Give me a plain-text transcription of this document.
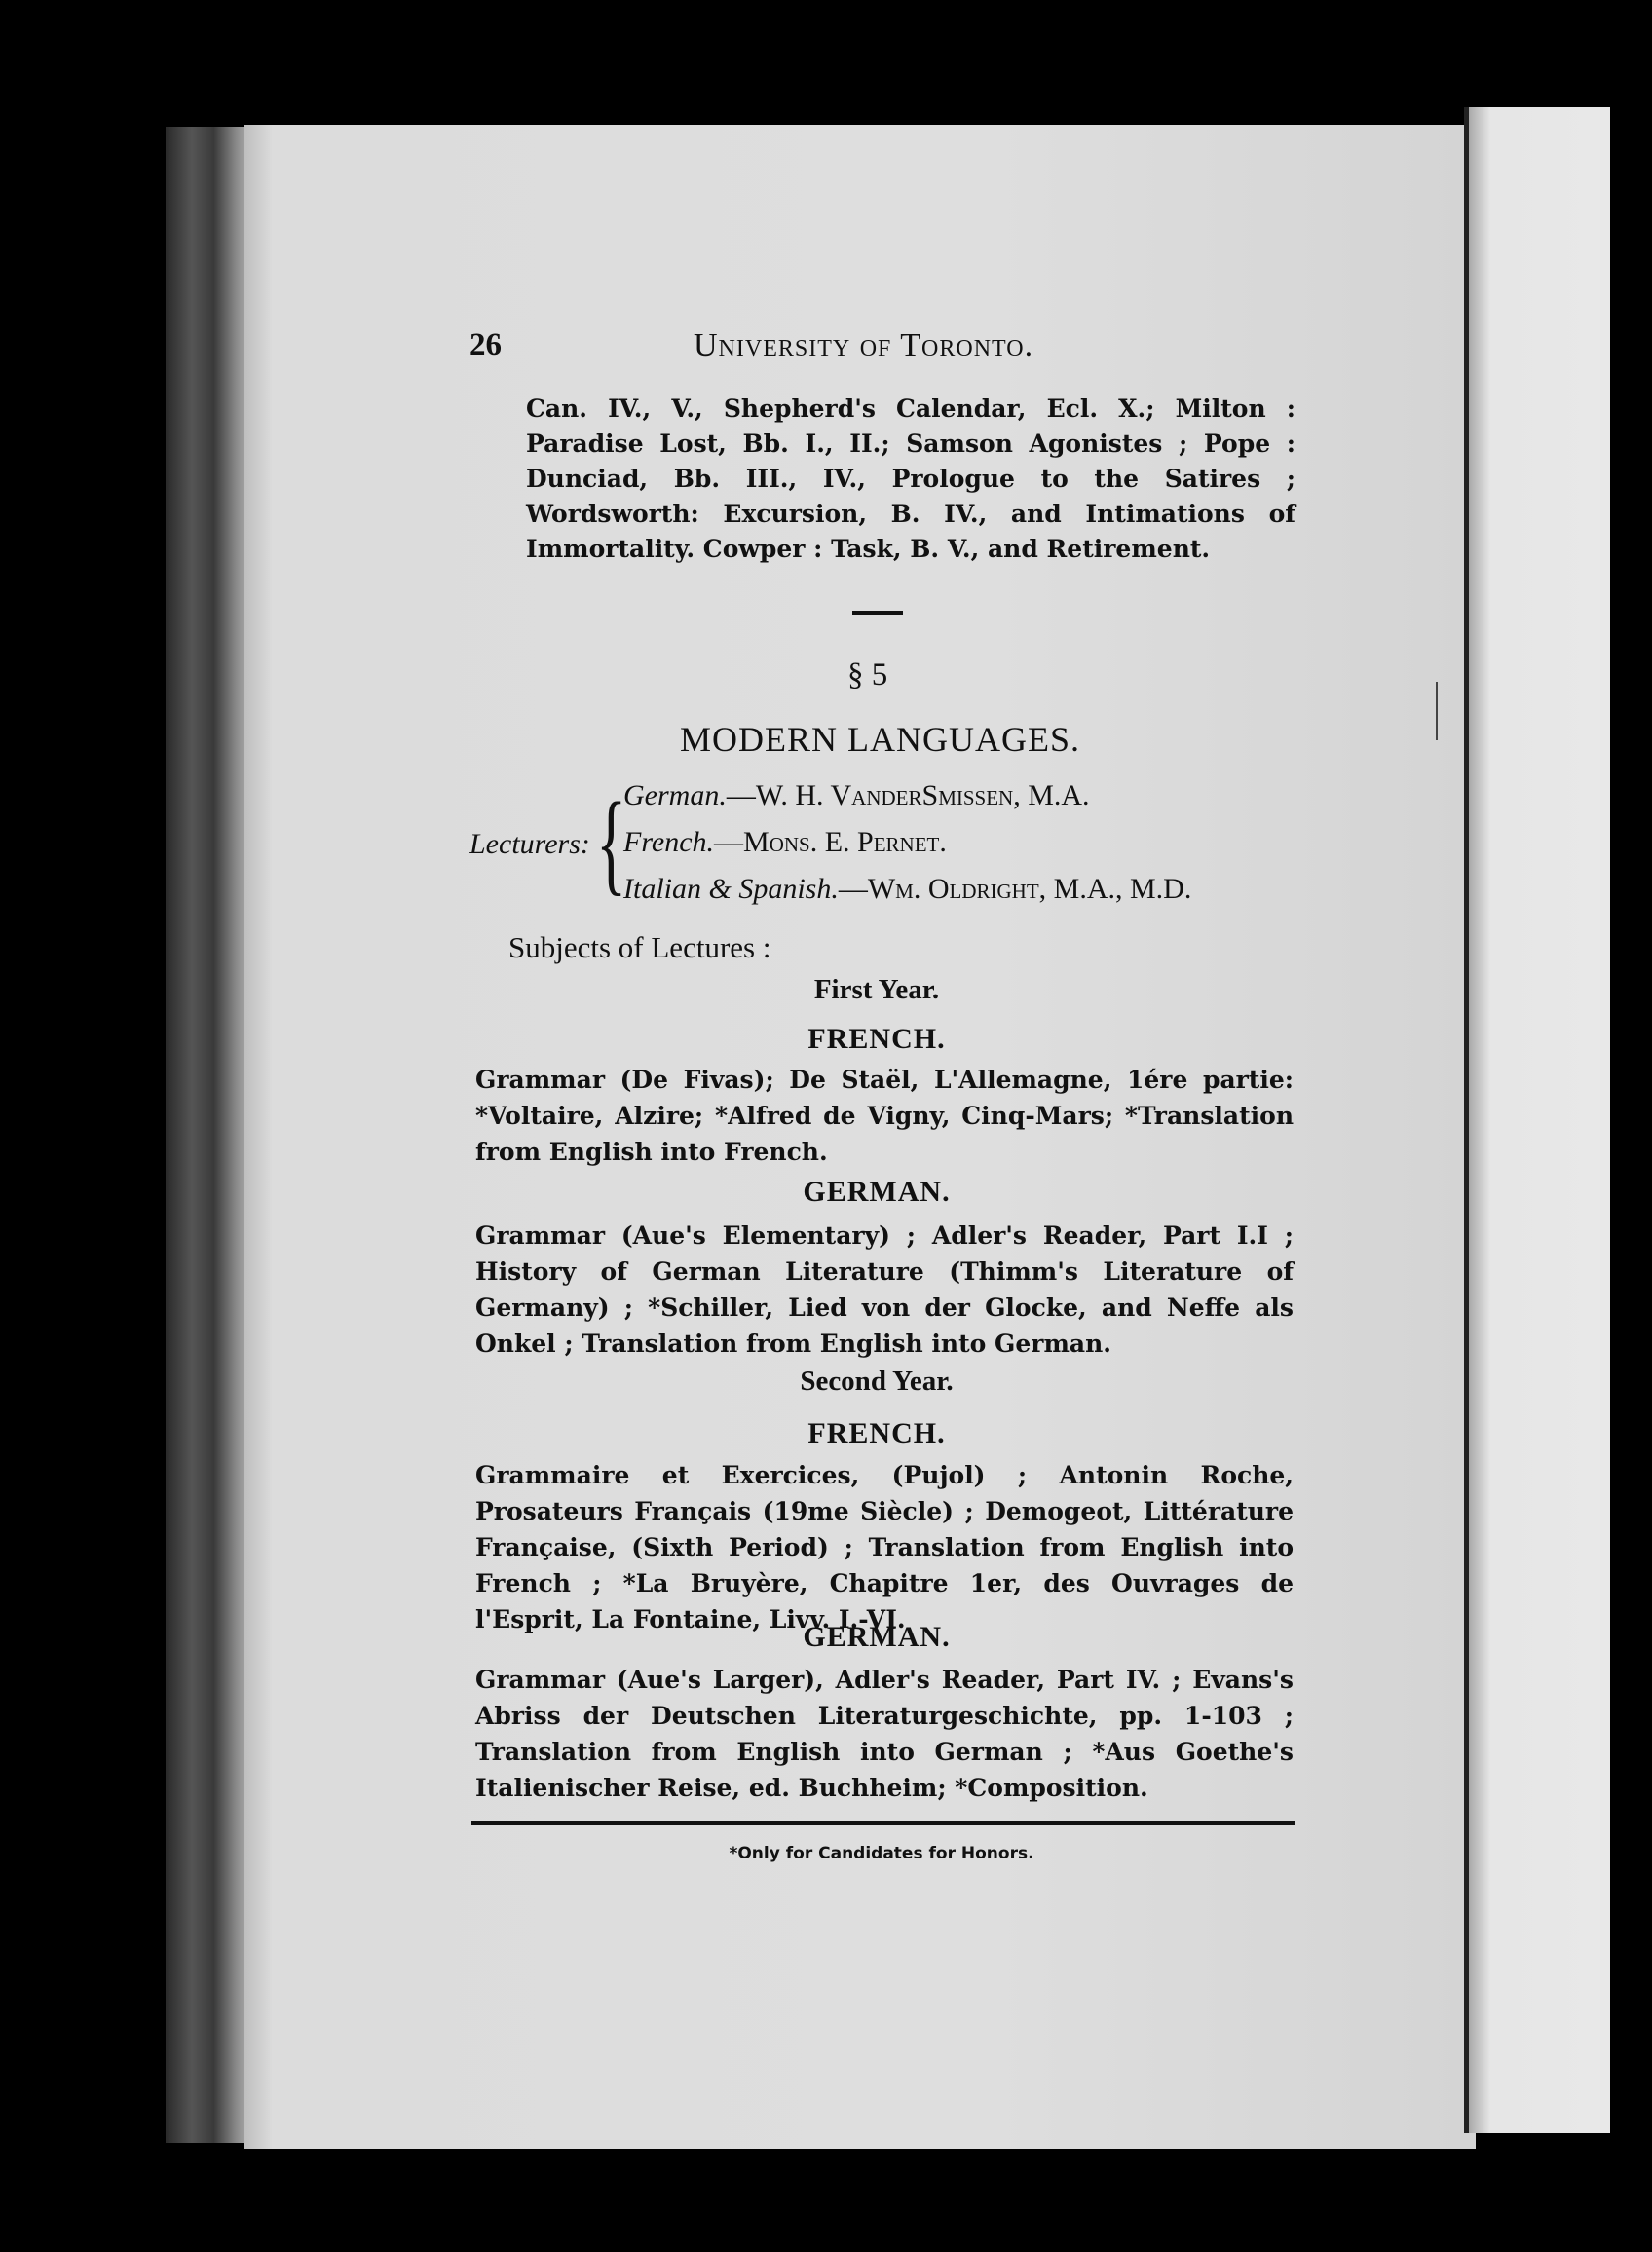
26	University of Toronto.
Can. IV., V., Shepherd's Calendar, Ecl. X.; Milton : Paradise Lost, Bb. I., II.; Samson Agonistes ; Pope : Dunciad, Bb. III., IV., Prologue to the Satires ; Wordsworth: Excursion, B. IV., and Intimations of Immortality. Cowper : Task, B. V., and Retirement.
§ 5
MODERN LANGUAGES.
Lecturers: {
German.—W. H. VanderSmissen, M.A.
French.—Mons. E. Pernet.
Italian & Spanish.—Wm. Oldright, M.A., M.D.
Subjects of Lectures :
First Year.
FRENCH.
Grammar (De Fivas); De Staël, L'Allemagne, 1ére partie: *Voltaire, Alzire; *Alfred de Vigny, Cinq-Mars; *Translation from English into French.
GERMAN.
Grammar (Aue's Elementary) ; Adler's Reader, Part I.I ; History of German Literature (Thimm's Literature of Germany) ; *Schiller, Lied von der Glocke, and Neffe als Onkel ; Translation from English into German.
Second Year.
FRENCH.
Grammaire et Exercices, (Pujol) ; Antonin Roche, Prosateurs Français (19me Siècle) ; Demogeot, Littérature Française, (Sixth Period) ; Translation from English into French ; *La Bruyère, Chapitre 1er, des Ouvrages de l'Esprit, La Fontaine, Livv. I.-VI.
GERMAN.
Grammar (Aue's Larger), Adler's Reader, Part IV. ; Evans's Abriss der Deutschen Literaturgeschichte, pp. 1-103 ; Translation from English into German ; *Aus Goethe's Italienischer Reise, ed. Buchheim; *Composition.
*Only for Candidates for Honors.
